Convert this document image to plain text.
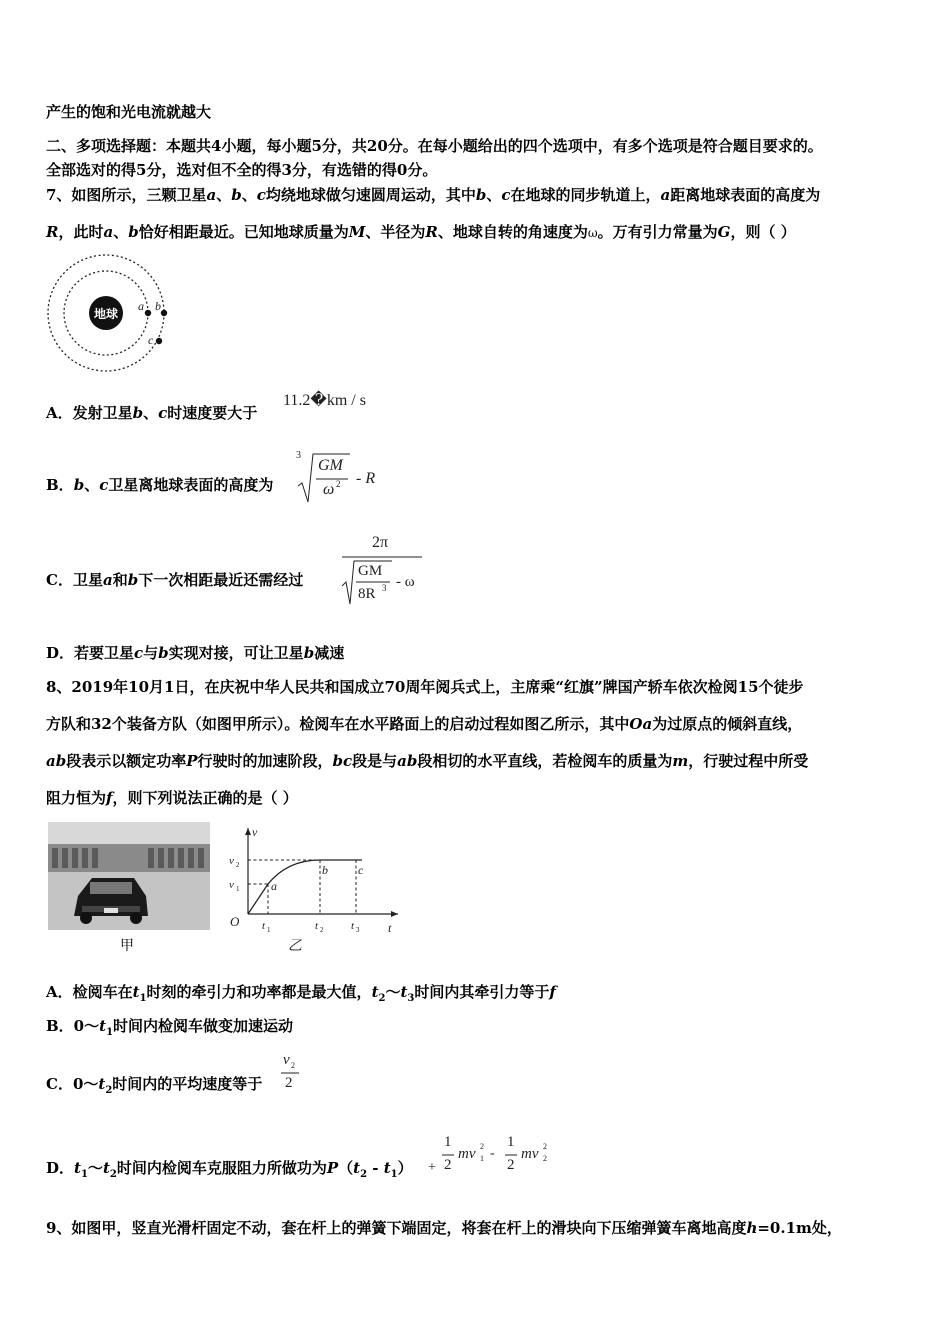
产生的饱和光电流就越大
二、多项选择题：本题共4小题，每小题5分，共20分。在每小题给出的四个选项中，有多个选项是符合题目要求的。
全部选对的得5分，选对但不全的得3分，有选错的得0分。
7、如图所示，三颗卫星a、b、c均绕地球做匀速圆周运动，其中b、c在地球的同步轨道上，a距离地球表面的高度为
R，此时a、b恰好相距最近。已知地球质量为M、半径为R、地球自转的角速度为ω。万有引力常量为G，则（ ）
地球
a b
c
A．发射卫星b、c时速度要大于
11.2�km / s
B．b、c卫星离地球表面的高度为
3
GM
ω 2 - R
C．卫星a和b下一次相距最近还需经过
2π
GM
8R 3 - ω
D．若要卫星c与b实现对接，可让卫星b减速
8、2019年10月1日，在庆祝中华人民共和国成立70周年阅兵式上，主席乘“红旗”牌国产轿车依次检阅15个徒步
方队和32个装备方队（如图甲所示）。检阅车在水平路面上的启动过程如图乙所示，其中Oa为过原点的倾斜直线，
ab段表示以额定功率P行驶时的加速阶段，bc段是与ab段相切的水平直线，若检阅车的质量为m，行驶过程中所受
阻力恒为f，则下列说法正确的是（ ）
甲
v
t
O
v 2
v 1	a
b	c
t 1	t 2	t 3
乙
A．检阅车在$t_1$时刻的牵引力和功率都是最大值，$t_2\sim t_3$时间内其牵引力等于f
B．$0\sim t_1$时间内检阅车做变加速运动
C．$0\sim t_2$时间内的平均速度等于
v 2
2
D．$t_1\sim t_2$时间内检阅车克服阻力所做功为$P(t_2 - t_1)$ +
1
2
mv 1
2 -
1
2
mv 2
2
9、如图甲，竖直光滑杆固定不动，套在杆上的弹簧下端固定，将套在杆上的滑块向下压缩弹簧车离地高度h=0.1m处，
